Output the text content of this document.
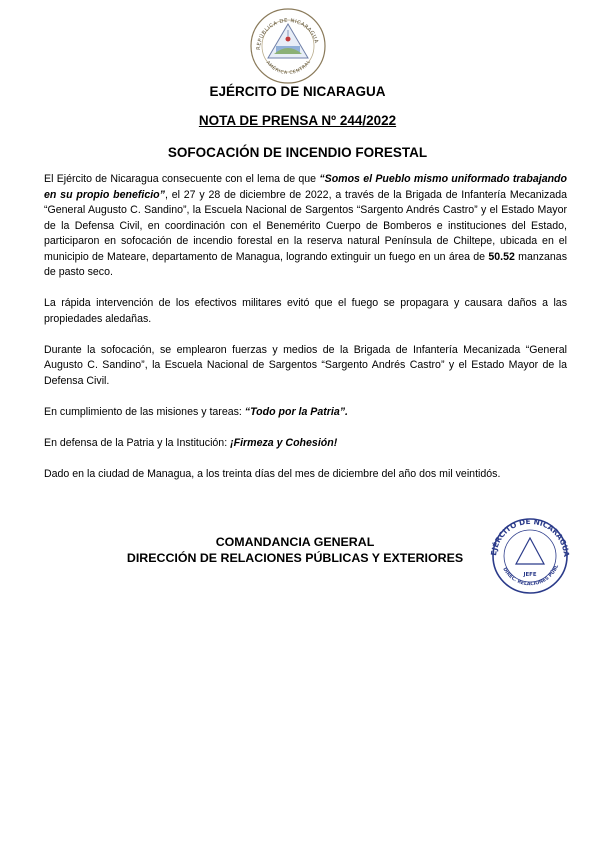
REPÚBLICA DE NICARAGUA
AMÉRICA CENTRAL
EJÉRCITO DE NICARAGUA
NOTA DE PRENSA Nº 244/2022
SOFOCACIÓN DE INCENDIO FORESTAL

El Ejército de Nicaragua consecuente con el lema de que “Somos el Pueblo mismo uniformado trabajando en su propio beneficio”, el 27 y 28 de diciembre de 2022, a través de la Brigada de Infantería Mecanizada “General Augusto C. Sandino”, la Escuela Nacional de Sargentos “Sargento Andrés Castro” y el Estado Mayor de la Defensa Civil, en coordinación con el Benemérito Cuerpo de Bomberos e instituciones del Estado, participaron en sofocación de incendio forestal en la reserva natural Península de Chiltepe, ubicada en el municipio de Mateare, departamento de Managua, logrando extinguir un fuego en un área de 50.52 manzanas de pasto seco.

La rápida intervención de los efectivos militares evitó que el fuego se propagara y causara daños a las propiedades aledañas.

Durante la sofocación, se emplearon fuerzas y medios de la Brigada de Infantería Mecanizada “General Augusto C. Sandino”, la Escuela Nacional de Sargentos “Sargento Andrés Castro” y el Estado Mayor de la Defensa Civil.

En cumplimiento de las misiones y tareas: “Todo por la Patria”.

En defensa de la Patria y la Institución: ¡Firmeza y Cohesión!

Dado en la ciudad de Managua, a los treinta días del mes de diciembre del año dos mil veintidós.

COMANDANCIA GENERAL
DIRECCIÓN DE RELACIONES PÚBLICAS Y EXTERIORES	EJÉRCITO DE NICARAGUA
DIREC. RELACIONES PÚBL
JEFE
